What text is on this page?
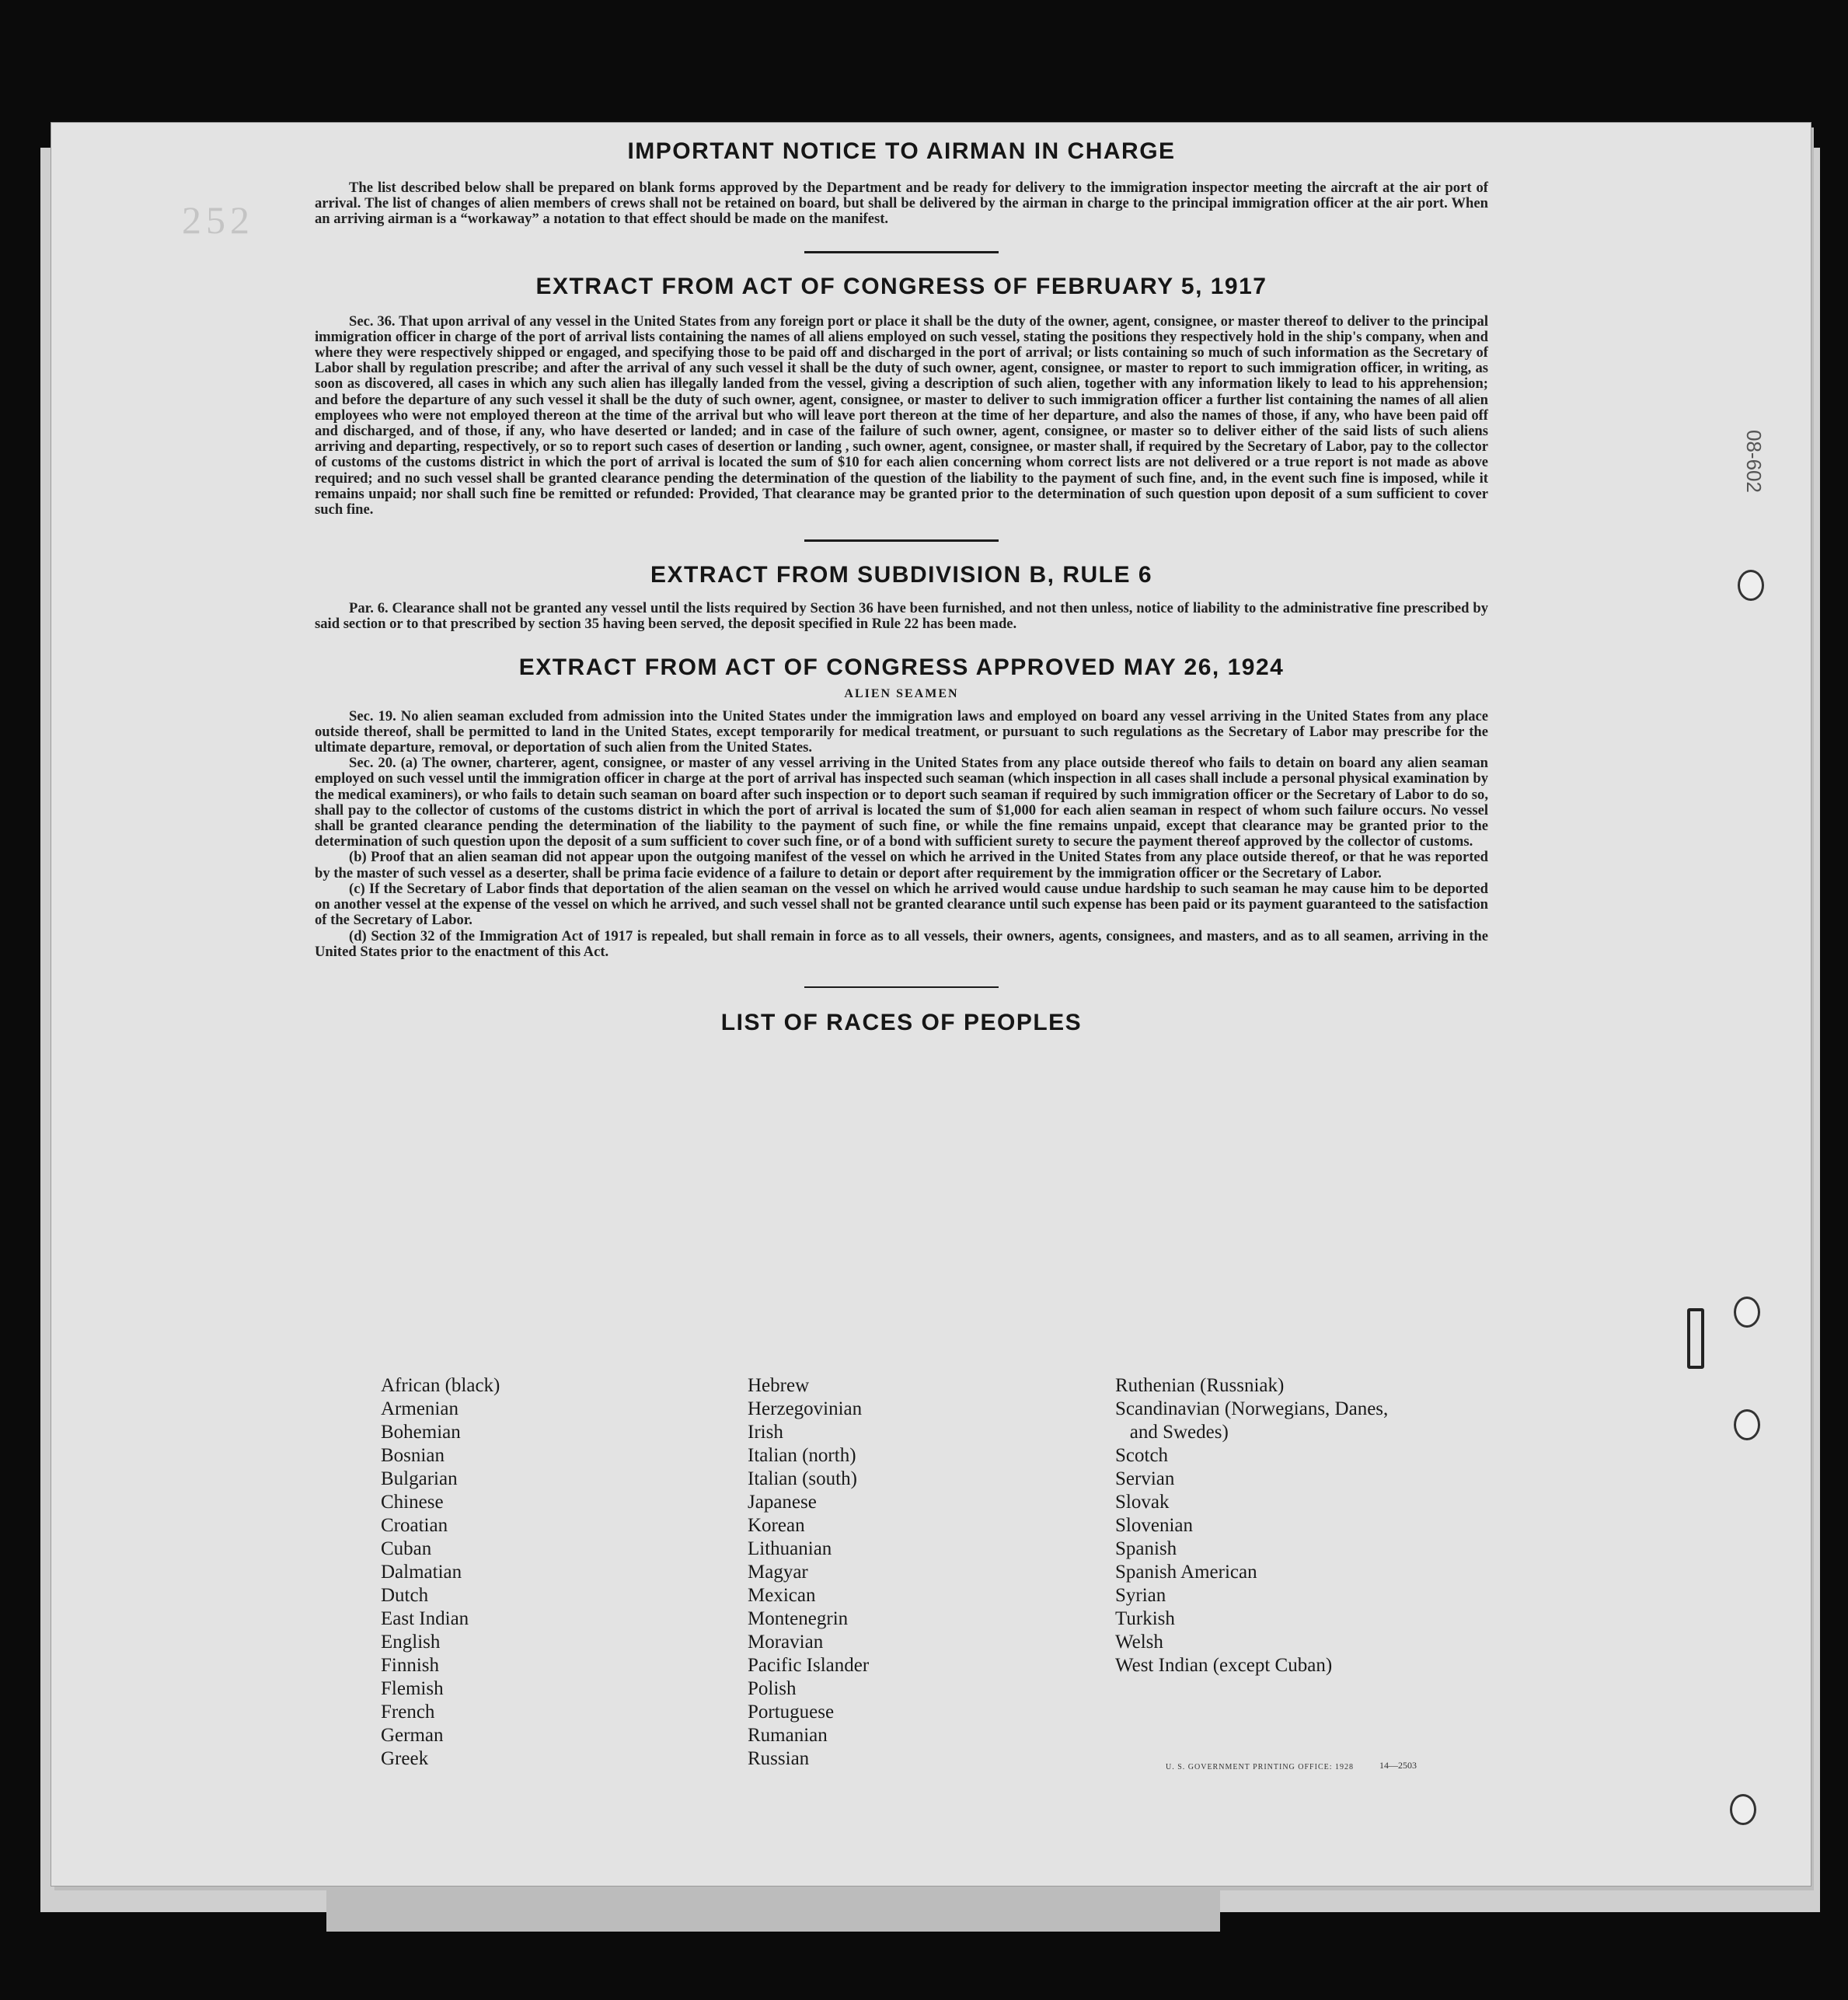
252
08-602
IMPORTANT NOTICE TO AIRMAN IN CHARGE

The list described below shall be prepared on blank forms approved by the Department and be ready for delivery to the immigration inspector meeting the aircraft at the air port of arrival. The list of changes of alien members of crews shall not be retained on board, but shall be delivered by the airman in charge to the principal immigration officer at the air port. When an arriving airman is a “workaway” a notation to that effect should be made on the manifest.

EXTRACT FROM ACT OF CONGRESS OF FEBRUARY 5, 1917

Sec. 36. That upon arrival of any vessel in the United States from any foreign port or place it shall be the duty of the owner, agent, consignee, or master thereof to deliver to the principal immigration officer in charge of the port of arrival lists containing the names of all aliens employed on such vessel, stating the positions they respectively hold in the ship's company, when and where they were respectively shipped or engaged, and specifying those to be paid off and discharged in the port of arrival; or lists containing so much of such information as the Secretary of Labor shall by regulation prescribe; and after the arrival of any such vessel it shall be the duty of such owner, agent, consignee, or master to report to such immigration officer, in writing, as soon as discovered, all cases in which any such alien has illegally landed from the vessel, giving a description of such alien, together with any information likely to lead to his apprehension; and before the departure of any such vessel it shall be the duty of such owner, agent, consignee, or master to deliver to such immigration officer a further list containing the names of all alien employees who were not employed thereon at the time of the arrival but who will leave port thereon at the time of her departure, and also the names of those, if any, who have been paid off and discharged, and of those, if any, who have deserted or landed; and in case of the failure of such owner, agent, consignee, or master so to deliver either of the said lists of such aliens arriving and departing, respectively, or so to report such cases of desertion or landing , such owner, agent, consignee, or master shall, if required by the Secretary of Labor, pay to the collector of customs of the customs district in which the port of arrival is located the sum of $10 for each alien concerning whom correct lists are not delivered or a true report is not made as above required; and no such vessel shall be granted clearance pending the determination of the question of the liability to the payment of such fine, and, in the event such fine is imposed, while it remains unpaid; nor shall such fine be remitted or refunded: Provided, That clearance may be granted prior to the determination of such question upon deposit of a sum sufficient to cover such fine.

EXTRACT FROM SUBDIVISION B, RULE 6

Par. 6. Clearance shall not be granted any vessel until the lists required by Section 36 have been furnished, and not then unless, notice of liability to the administrative fine prescribed by said section or to that prescribed by section 35 having been served, the deposit specified in Rule 22 has been made.

EXTRACT FROM ACT OF CONGRESS APPROVED MAY 26, 1924
ALIEN SEAMEN

Sec. 19. No alien seaman excluded from admission into the United States under the immigration laws and employed on board any vessel arriving in the United States from any place outside thereof, shall be permitted to land in the United States, except temporarily for medical treatment, or pursuant to such regulations as the Secretary of Labor may prescribe for the ultimate departure, removal, or deportation of such alien from the United States.

Sec. 20. (a) The owner, charterer, agent, consignee, or master of any vessel arriving in the United States from any place outside thereof who fails to detain on board any alien seaman employed on such vessel until the immigration officer in charge at the port of arrival has inspected such seaman (which inspection in all cases shall include a personal physical examination by the medical examiners), or who fails to detain such seaman on board after such inspection or to deport such seaman if required by such immigration officer or the Secretary of Labor to do so, shall pay to the collector of customs of the customs district in which the port of arrival is located the sum of $1,000 for each alien seaman in respect of whom such failure occurs. No vessel shall be granted clearance pending the determination of the liability to the payment of such fine, or while the fine remains unpaid, except that clearance may be granted prior to the determination of such question upon the deposit of a sum sufficient to cover such fine, or of a bond with sufficient surety to secure the payment thereof approved by the collector of customs.

(b) Proof that an alien seaman did not appear upon the outgoing manifest of the vessel on which he arrived in the United States from any place outside thereof, or that he was reported by the master of such vessel as a deserter, shall be prima facie evidence of a failure to detain or deport after requirement by the immigration officer or the Secretary of Labor.

(c) If the Secretary of Labor finds that deportation of the alien seaman on the vessel on which he arrived would cause undue hardship to such seaman he may cause him to be deported on another vessel at the expense of the vessel on which he arrived, and such vessel shall not be granted clearance until such expense has been paid or its payment guaranteed to the satisfaction of the Secretary of Labor.

(d) Section 32 of the Immigration Act of 1917 is repealed, but shall remain in force as to all vessels, their owners, agents, consignees, and masters, and as to all seamen, arriving in the United States prior to the enactment of this Act.

LIST OF RACES OF PEOPLES
African (black)
Armenian
Bohemian
Bosnian
Bulgarian
Chinese
Croatian
Cuban
Dalmatian
Dutch
East Indian
English
Finnish
Flemish
French
German
Greek
Hebrew
Herzegovinian
Irish
Italian (north)
Italian (south)
Japanese
Korean
Lithuanian
Magyar
Mexican
Montenegrin
Moravian
Pacific Islander
Polish
Portuguese
Rumanian
Russian
Ruthenian (Russniak)
Scandinavian (Norwegians, Danes,
and Swedes)
Scotch
Servian
Slovak
Slovenian
Spanish
Spanish American
Syrian
Turkish
Welsh
West Indian (except Cuban)
U. S. GOVERNMENT PRINTING OFFICE: 1928	14—2503
